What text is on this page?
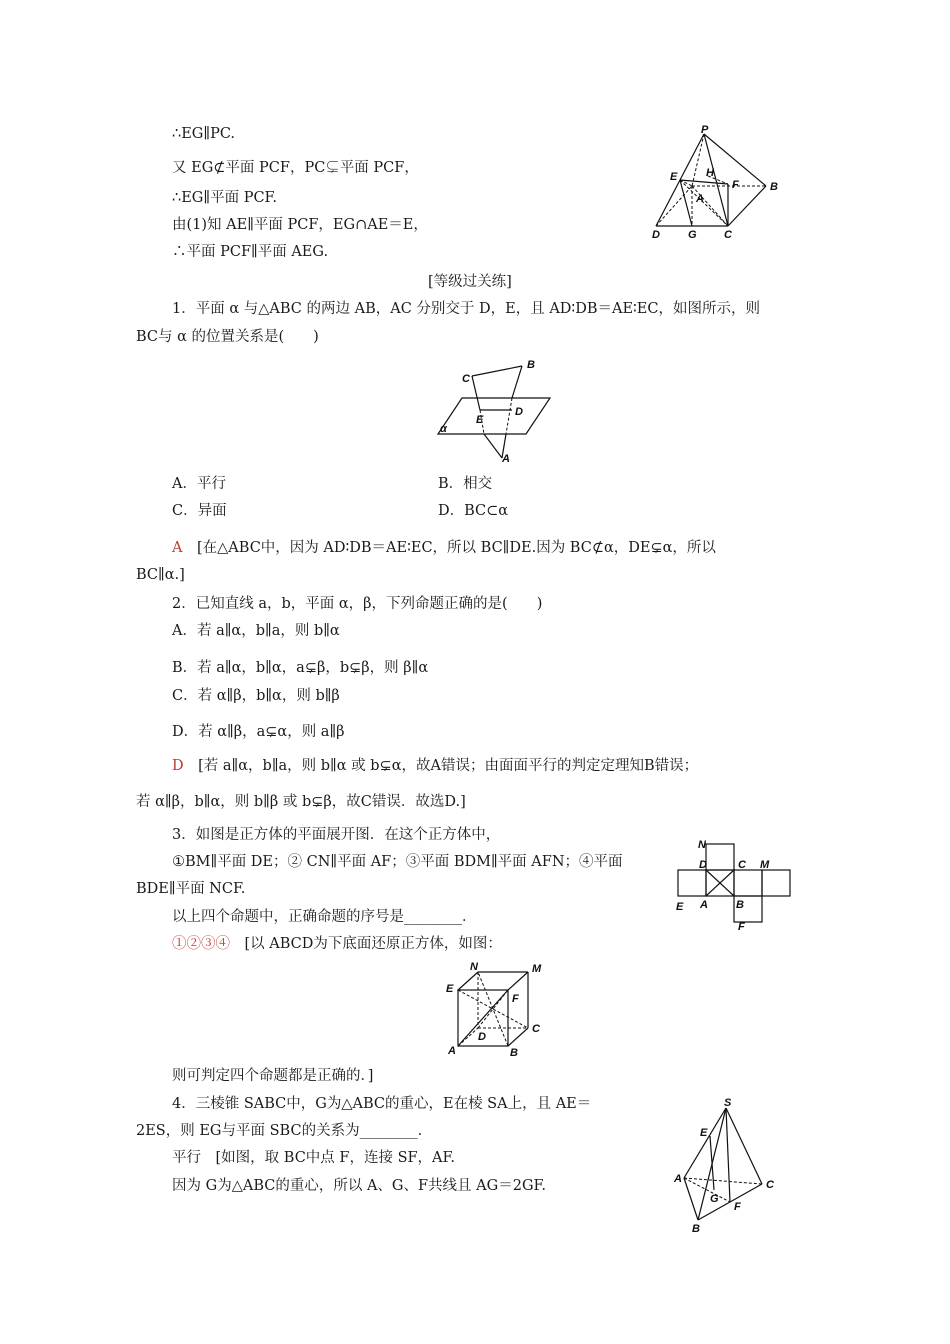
∴EG∥PC.
又 EG⊄平面 PCF，PC⊊平面 PCF，
∴EG∥平面 PCF.
由(1)知 AE∥平面 PCF，EG∩AE＝E，
∴平面 PCF∥平面 AEG.
P
E	H
F	B
A
D	G C
[等级过关练]
1．平面 α 与△ABC 的两边 AB，AC 分别交于 D，E，且 AD∶DB＝AE∶EC，如图所示，则
BC与 α 的位置关系是(　　)
C
B
E
D
α
A
A．平行	B．相交
C．异面	D．BC⊂α
A　 [在△ABC中，因为 AD∶DB＝AE∶EC，所以 BC∥DE.因为 BC⊄α，DE⊊α，所以
BC∥α.]
2．已知直线 a，b，平面 α，β，下列命题正确的是(　　)
A．若 a∥α，b∥a，则 b∥α
B．若 a∥α，b∥α，a⊊β，b⊊β，则 β∥α
C．若 α∥β，b∥α，则 b∥β
D．若 α∥β，a⊊α，则 a∥β
D　 [若 a∥α，b∥a，则 b∥α 或 b⊊α，故A错误；由面面平行的判定定理知B错误；
若 α∥β，b∥α，则 b∥β 或 b⊊β，故C错误．故选D.]
3．如图是正方体的平面展开图．在这个正方体中，
①BM∥平面 DE；② CN∥平面 AF；③平面 BDM∥平面 AFN；④平面
BDE∥平面 NCF.
以上四个命题中，正确命题的序号是________．
N
D	C M
E A	B
F
①②③④　 [以 ABCD为下底面还原正方体，如图：
N	M
E
F
D
C
A	B
则可判定四个命题都是正确的．]
4．三棱锥 SABC中，G为△ABC的重心，E在棱 SA上，且 AE＝
2ES，则 EG与平面 SBC的关系为________．
平行　 [如图，取 BC中点 F，连接 SF，AF.
因为 G为△ABC的重心，所以 A、G、F共线且 AG＝2GF.
S
E
A
G
F
C
B
